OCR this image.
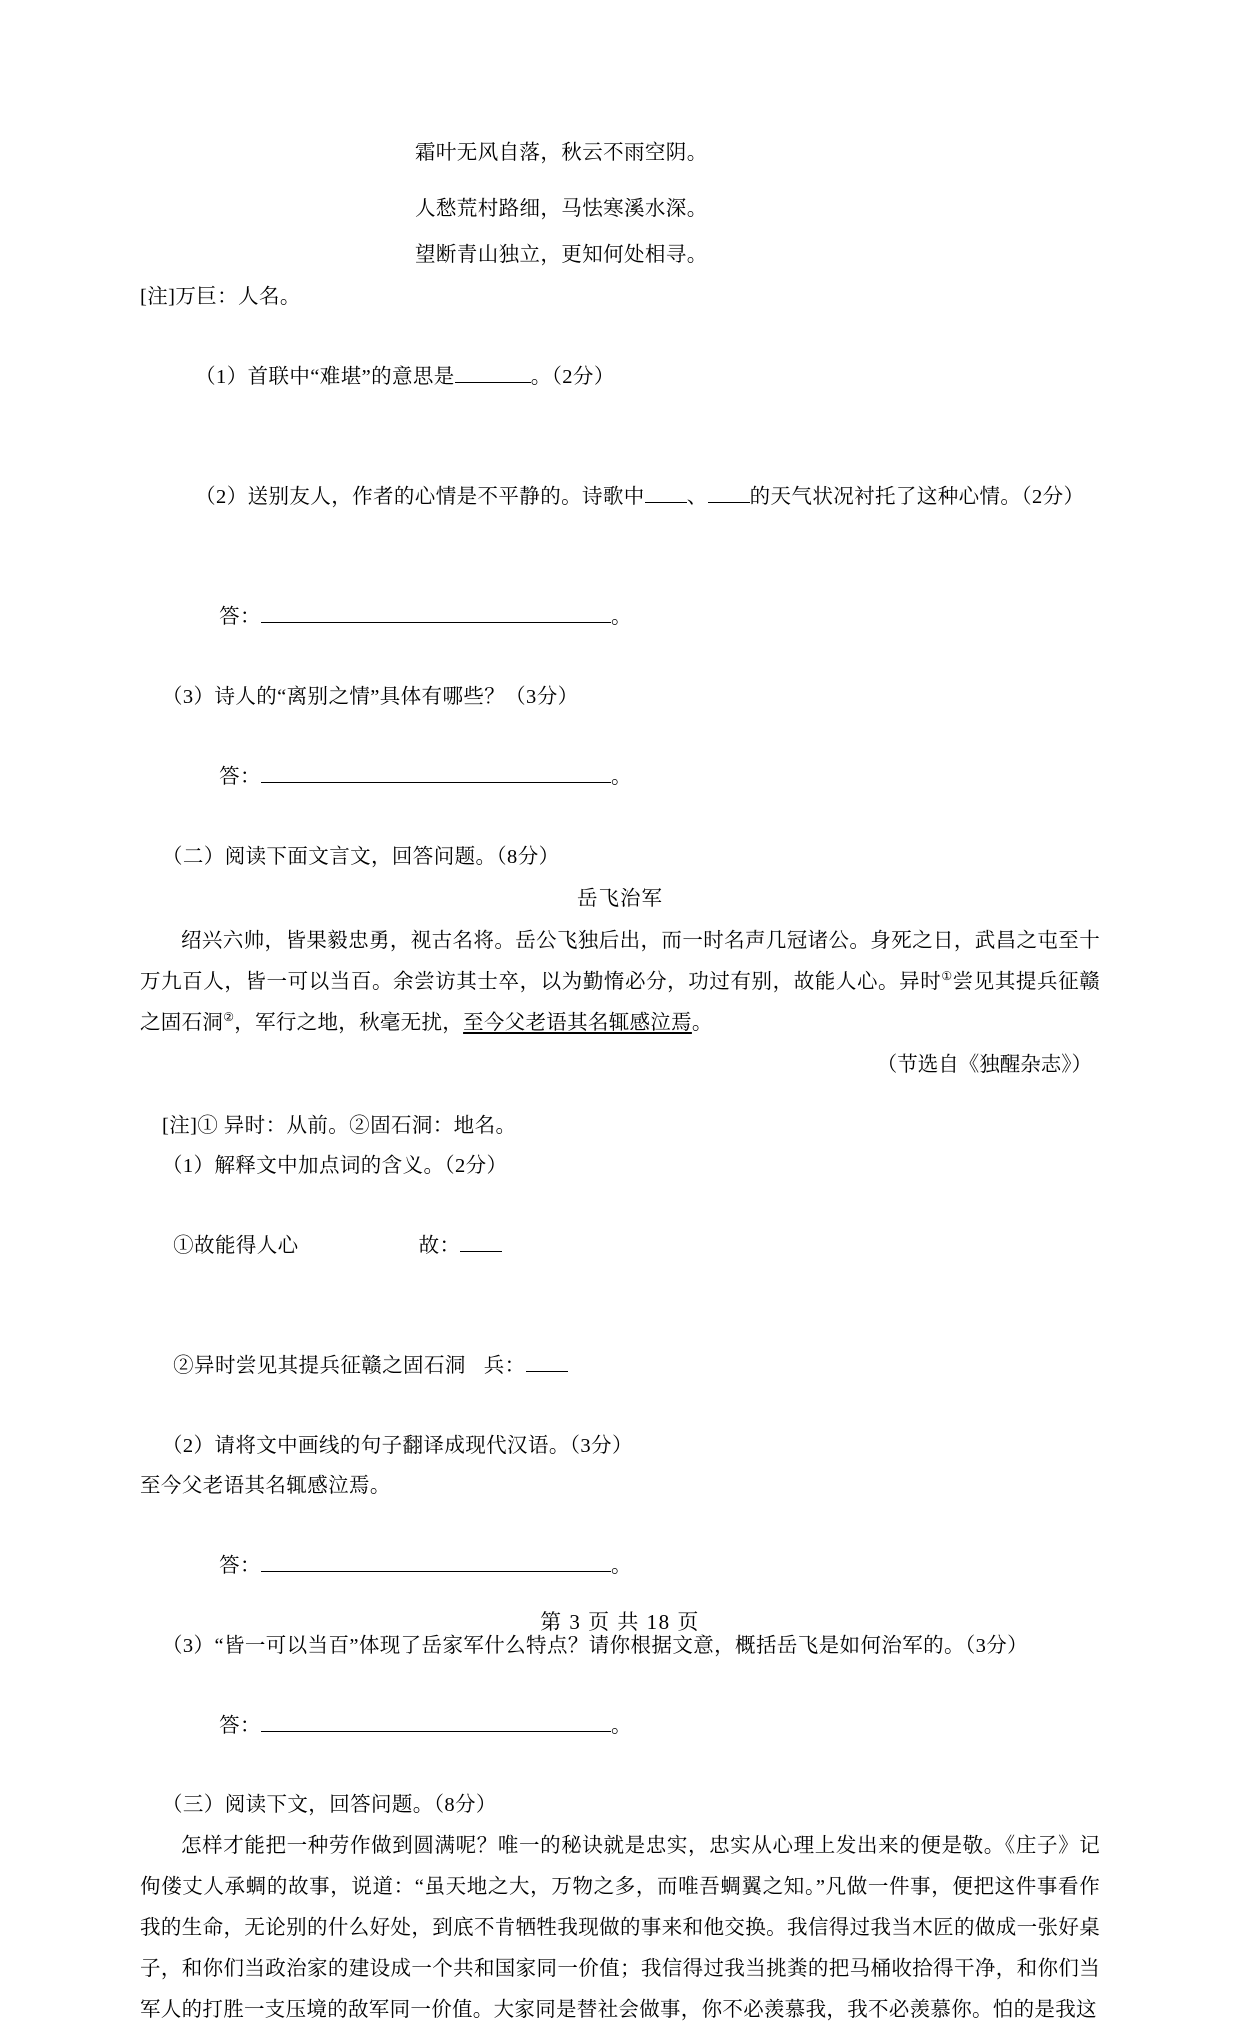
霜叶无风自落，秋云不雨空阴。
人愁荒村路细，马怯寒溪水深。
望断青山独立，更知何处相寻。
[注]万巨：人名。

（1）首联中“难堪”的意思是	。（2分）

（2）送别友人，作者的心情是不平静的。诗歌中 、 的天气状况衬托了这种心情。（2分）

答：	。

（3）诗人的“离别之情”具体有哪些？（3分）

答：	。

（二）阅读下面文言文，回答问题。（8分）
岳飞治军
绍兴六帅，皆果毅忠勇，视古名将。岳公飞独后出，而一时名声几冠诸公。身死之日，武昌之屯至十万九百人，皆一可以当百。余尝访其士卒，以为勤惰必分，功过有别，故能人心。异时①尝见其提兵征赣之固石洞②，军行之地，秋毫无扰，至今父老语其名辄感泣焉。
（节选自《独醒杂志》）
[注]① 异时：从前。②固石洞：地名。
（1）解释文中加点词的含义。（2分）

①故能得人心	故：

②异时尝见其提兵征赣之固石洞 兵：

（2）请将文中画线的句子翻译成现代汉语。（3分）
至今父老语其名辄感泣焉。

答：	。

（3）“皆一可以当百”体现了岳家军什么特点？请你根据文意，概括岳飞是如何治军的。（3分）

答：	。

（三）阅读下文，回答问题。（8分）
怎样才能把一种劳作做到圆满呢？唯一的秘诀就是忠实，忠实从心理上发出来的便是敬。《庄子》记佝偻丈人承蜩的故事，说道：“虽天地之大，万物之多，而唯吾蜩翼之知。”凡做一件事，便把这件事看作我的生命，无论别的什么好处，到底不肯牺牲我现做的事来和他交换。我信得过我当木匠的做成一张好桌子，和你们当政治家的建设成一个共和国家同一价值；我信得过我当挑粪的把马桶收拾得干净，和你们当军人的打胜一支压境的敌军同一价值。大家同是替社会做事，你不必羡慕我，我不必羡慕你。怕的是我这
第 3 页 共 18 页
